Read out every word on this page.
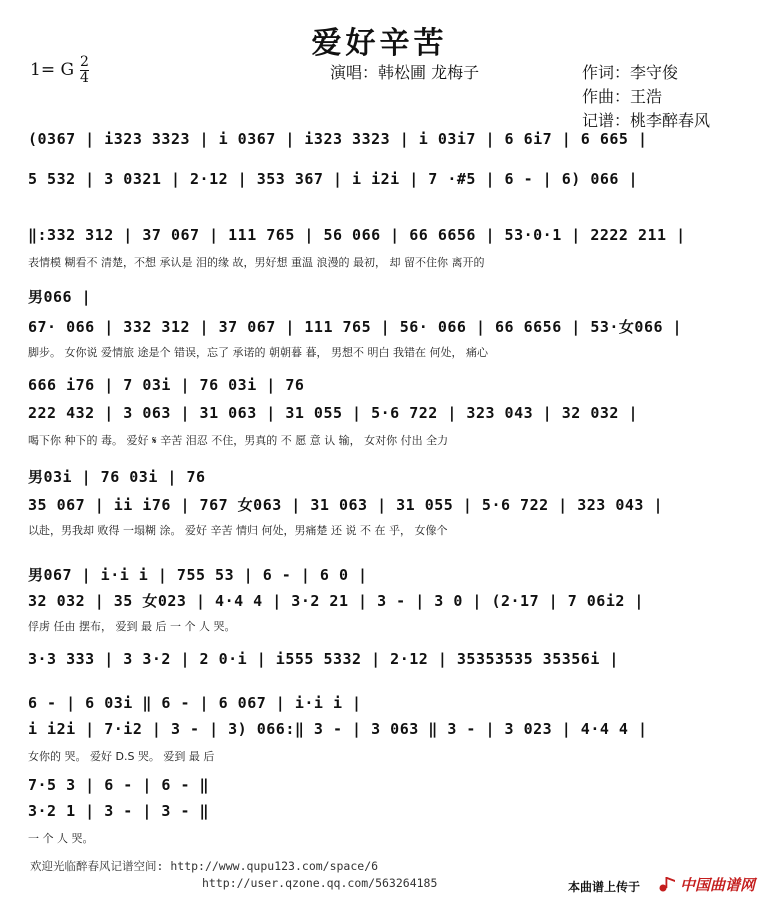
爱好辛苦
1= G 2
4	演唱：韩松圃 龙梅子	作词：李守俊
作曲：王浩
记谱：桃李醉春风
(0367 | i323 3323 | i 0367 | i323 3323 | i 03i7 | 6 6i7 | 6 665 |
5 532 | 3 0321 | 2·12 | 353 367 | i i2i | 7 ·#5 | 6 - | 6) 066 |
‖:332 312 | 37 067 | 111 765 | 56 066 | 66 6656 | 53·0·1 | 2222 211 |
表情模 糊看不 清楚，不想 承认是 泪的缘 故，男好想 重温 浪漫的 最初， 却 留不住你 离开的
男066 |
67· 066 | 332 312 | 37 067 | 111 765 | 56· 066 | 66 6656 | 53·女066 |
脚步。 女你说 爱情旅 途是个 错误，忘了 承诺的 朝朝暮 暮， 男想不 明白 我错在 何处， 痛心
666 i76 | 7 03i | 76 03i | 76
222 432 | 3 063 | 31 063 | 31 055 | 5·6 722 | 323 043 | 32 032 |
喝下你 种下的 毒。 爱好 𝄋 辛苦 泪忍 不住，男真的 不 愿 意 认 输， 女对你 付出 全力
男03i | 76 03i | 76
35 067 | ii i76 | 767 女063 | 31 063 | 31 055 | 5·6 722 | 323 043 |
以赴，男我却 败得 一塌糊 涂。 爱好 辛苦 情归 何处，男痛楚 还 说 不 在 乎， 女像个
男067 | i·i i | 755 53 | 6 - | 6 0 |
32 032 | 35 女023 | 4·4 4 | 3·2 21 | 3 - | 3 0 | (2·17 | 7 06i2 |
俘虏 任由 摆布， 爱到 最 后 一 个 人 哭。
3·3 333 | 3 3·2 | 2 0·i | i555 5332 | 2·12 | 35353535 35356i |
6 - | 6 03i ‖ 6 - | 6 067 | i·i i |
i i2i | 7·i2 | 3 - | 3) 066:‖ 3 - | 3 063 ‖ 3 - | 3 023 | 4·4 4 |
女你的 哭。 爱好 D.S 哭。 爱到 最 后
7·5 3 | 6 - | 6 - ‖
3·2 1 | 3 - | 3 - ‖
一 个 人 哭。
欢迎光临醉春风记谱空间: http://www.qupu123.com/space/6
http://user.qzone.qq.com/563264185	本曲谱上传于	中国曲谱网
